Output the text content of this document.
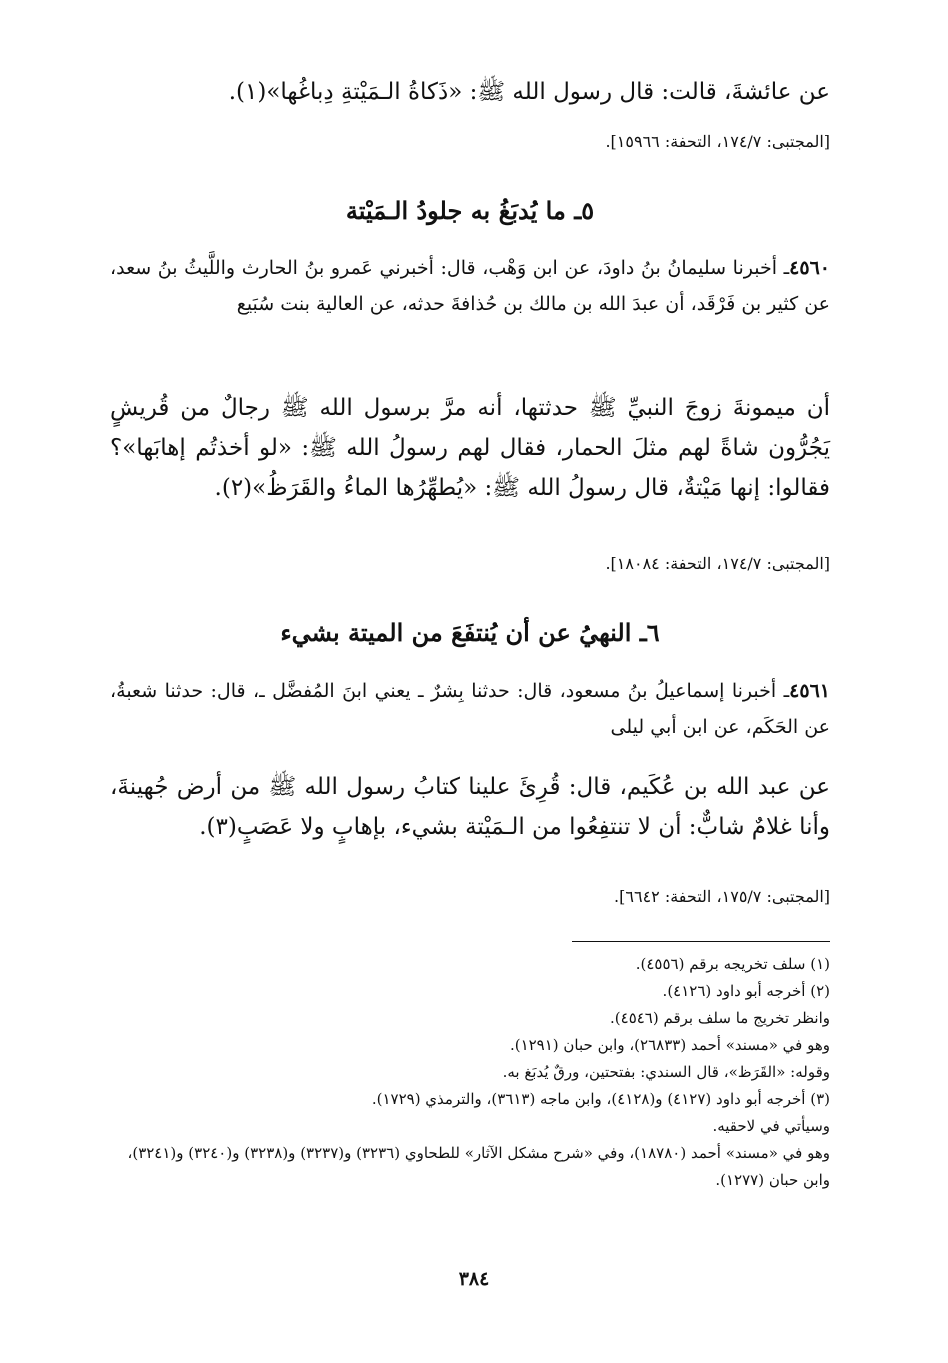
عن عائشةَ، قالت: قال رسول الله ﷺ: «ذَكاةُ الـمَيْتةِ دِباغُها»(١).

[المجتبى: ١٧٤/٧، التحفة: ١٥٩٦٦].

٥ـ ما يُدبَغُ به جلودُ الـمَيْتة

٤٥٦٠ـ أخبرنا سليمانُ بنُ داودَ، عن ابن وَهْب، قال: أخبرني عَمرو بنُ الحارث واللَّيثُ بنُ سعد، عن كثير بن فَرْقَد، أن عبدَ الله بن مالك بن حُذافةَ حدثه، عن العالية بنت سُبَيع

أن ميمونةَ زوجَ النبيِّ ﷺ حدثتها، أنه مرَّ برسول الله ﷺ رجالٌ من قُريشٍ يَجُرُّون شاةً لهم مثلَ الحمار، فقال لهم رسولُ الله ﷺ: «لو أخذتُم إهابَها»؟ فقالوا: إنها مَيْتةٌ، قال رسولُ الله ﷺ: «يُطهِّرُها الماءُ والقَرَظُ»(٢).

[المجتبى: ١٧٤/٧، التحفة: ١٨٠٨٤].

٦ـ النهيُ عن أن يُنتفَعَ من الميتة بشيء

٤٥٦١ـ أخبرنا إسماعيلُ بنُ مسعود، قال: حدثنا بِشرٌ ـ يعني ابنَ المُفضَّل ـ، قال: حدثنا شعبةُ، عن الحَكَم، عن ابن أبي ليلى

عن عبد الله بن عُكَيم، قال: قُرِئَ علينا كتابُ رسول الله ﷺ من أرض جُهينةَ، وأنا غلامٌ شابٌّ: أن لا تنتفِعُوا من الـمَيْتة بشيء، بإهابٍ ولا عَصَبٍ(٣).

[المجتبى: ١٧٥/٧، التحفة: ٦٦٤٢].

(١) سلف تخريجه برقم (٤٥٥٦).

(٢) أخرجه أبو داود (٤١٢٦).

وانظر تخريج ما سلف برقم (٤٥٤٦).

وهو في «مسند» أحمد (٢٦٨٣٣)، وابن حبان (١٢٩١).

وقوله: «القَرَظ»، قال السندي: بفتحتين، ورقٌ يُدبَغ به.

(٣) أخرجه أبو داود (٤١٢٧) و(٤١٢٨)، وابن ماجه (٣٦١٣)، والترمذي (١٧٢٩).

وسيأتي في لاحقيه.

وهو في «مسند» أحمد (١٨٧٨٠)، وفي «شرح مشكل الآثار» للطحاوي (٣٢٣٦) و(٣٢٣٧) و(٣٢٣٨) و(٣٢٤٠) و(٣٢٤١)، وابن حبان (١٢٧٧).

٣٨٤
